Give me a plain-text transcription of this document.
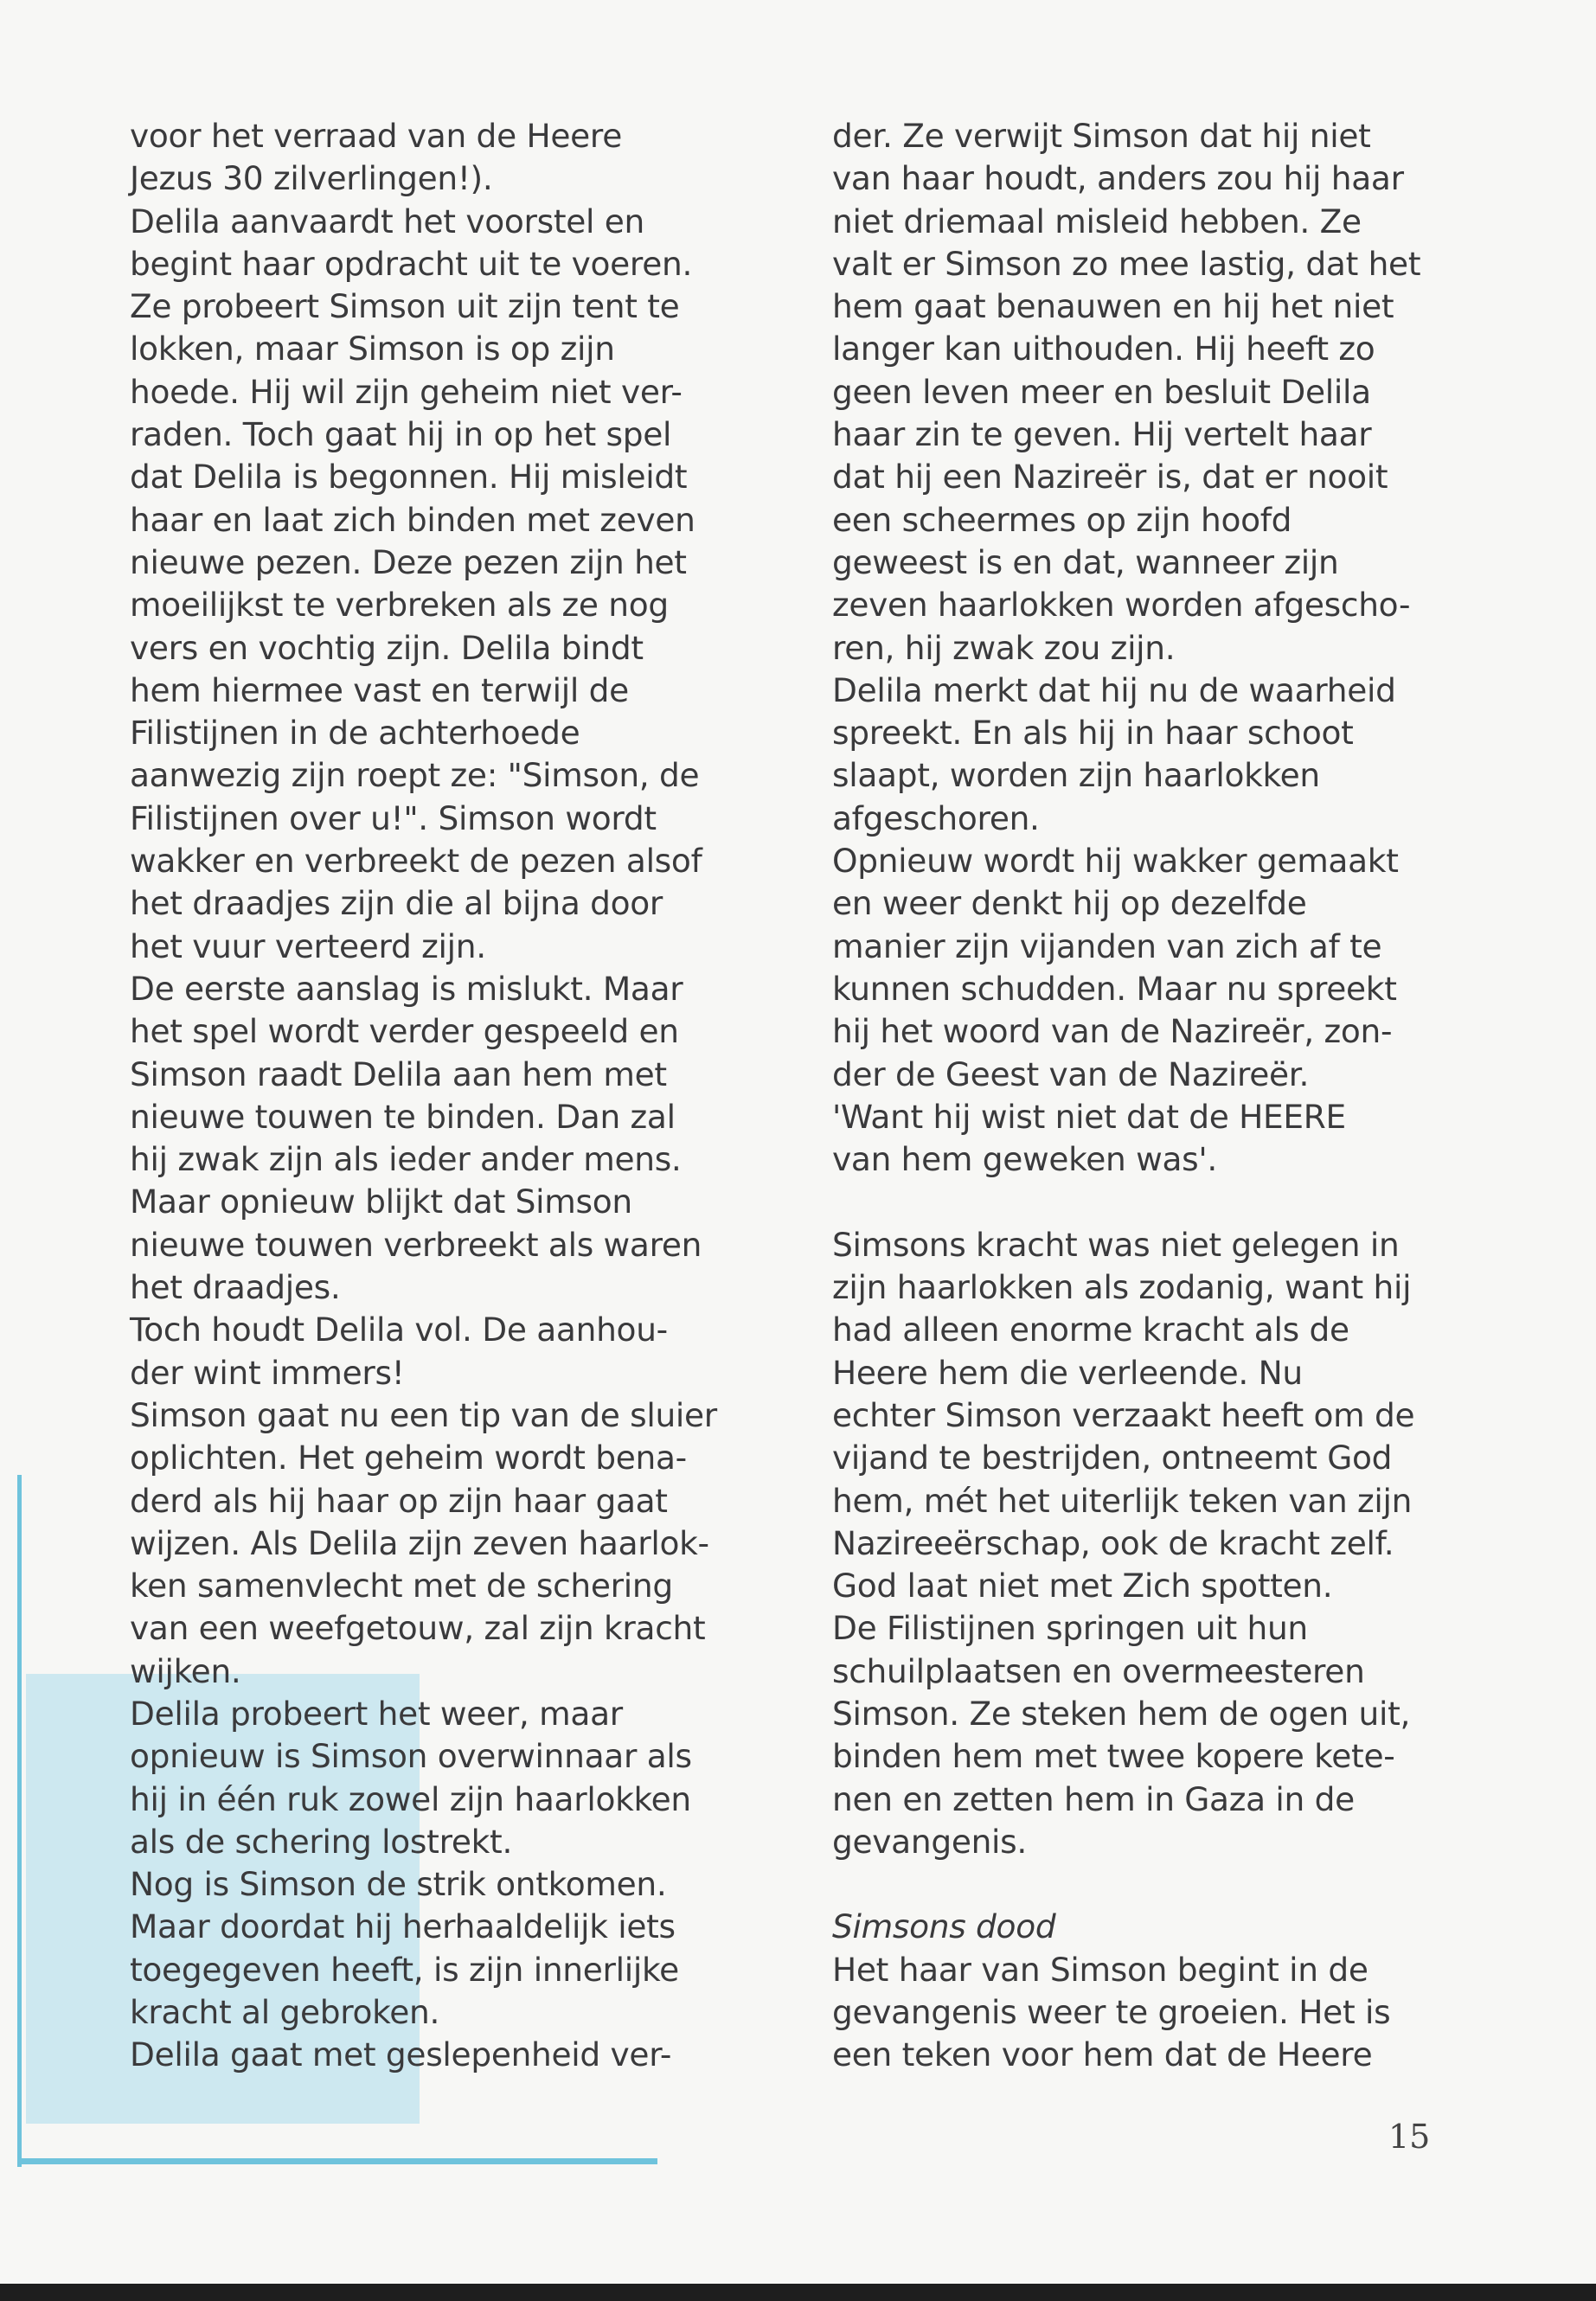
voor het verraad van de Heere
Jezus 30 zilverlingen!).
Delila aanvaardt het voorstel en
begint haar opdracht uit te voeren.
Ze probeert Simson uit zijn tent te
lokken, maar Simson is op zijn
hoede. Hij wil zijn geheim niet ver-
raden. Toch gaat hij in op het spel
dat Delila is begonnen. Hij misleidt
haar en laat zich binden met zeven
nieuwe pezen. Deze pezen zijn het
moeilijkst te verbreken als ze nog
vers en vochtig zijn. Delila bindt
hem hiermee vast en terwijl de
Filistijnen in de achterhoede
aanwezig zijn roept ze: "Simson, de
Filistijnen over u!". Simson wordt
wakker en verbreekt de pezen alsof
het draadjes zijn die al bijna door
het vuur verteerd zijn.
De eerste aanslag is mislukt. Maar
het spel wordt verder gespeeld en
Simson raadt Delila aan hem met
nieuwe touwen te binden. Dan zal
hij zwak zijn als ieder ander mens.
Maar opnieuw blijkt dat Simson
nieuwe touwen verbreekt als waren
het draadjes.
Toch houdt Delila vol. De aanhou-
der wint immers!
Simson gaat nu een tip van de sluier
oplichten. Het geheim wordt bena-
derd als hij haar op zijn haar gaat
wijzen. Als Delila zijn zeven haarlok-
ken samenvlecht met de schering
van een weefgetouw, zal zijn kracht
wijken.
Delila probeert het weer, maar
opnieuw is Simson overwinnaar als
hij in één ruk zowel zijn haarlokken
als de schering lostrekt.
Nog is Simson de strik ontkomen.
Maar doordat hij herhaaldelijk iets
toegegeven heeft, is zijn innerlijke
kracht al gebroken.
Delila gaat met geslepenheid ver-
der. Ze verwijt Simson dat hij niet
van haar houdt, anders zou hij haar
niet driemaal misleid hebben. Ze
valt er Simson zo mee lastig, dat het
hem gaat benauwen en hij het niet
langer kan uithouden. Hij heeft zo
geen leven meer en besluit Delila
haar zin te geven. Hij vertelt haar
dat hij een Nazireër is, dat er nooit
een scheermes op zijn hoofd
geweest is en dat, wanneer zijn
zeven haarlokken worden afgescho-
ren, hij zwak zou zijn.
Delila merkt dat hij nu de waarheid
spreekt. En als hij in haar schoot
slaapt, worden zijn haarlokken
afgeschoren.
Opnieuw wordt hij wakker gemaakt
en weer denkt hij op dezelfde
manier zijn vijanden van zich af te
kunnen schudden. Maar nu spreekt
hij het woord van de Nazireër, zon-
der de Geest van de Nazireër.
'Want hij wist niet dat de HEERE
van hem geweken was'.
Simsons kracht was niet gelegen in
zijn haarlokken als zodanig, want hij
had alleen enorme kracht als de
Heere hem die verleende. Nu
echter Simson verzaakt heeft om de
vijand te bestrijden, ontneemt God
hem, mét het uiterlijk teken van zijn
Nazireeërschap, ook de kracht zelf.
God laat niet met Zich spotten.
De Filistijnen springen uit hun
schuilplaatsen en overmeesteren
Simson. Ze steken hem de ogen uit,
binden hem met twee kopere kete-
nen en zetten hem in Gaza in de
gevangenis.
Simsons dood
Het haar van Simson begint in de
gevangenis weer te groeien. Het is
een teken voor hem dat de Heere
15
